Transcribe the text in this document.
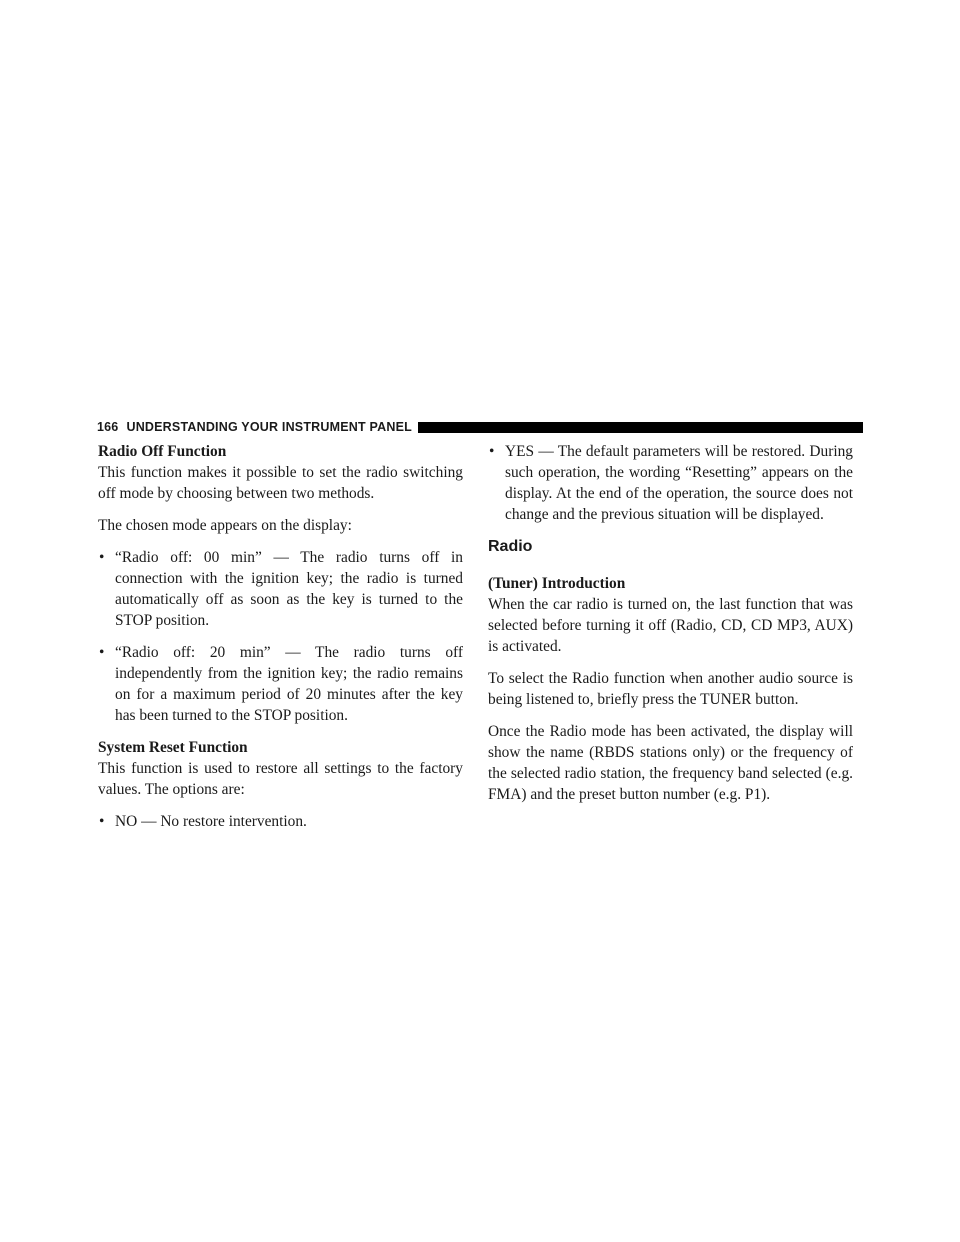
166 UNDERSTANDING YOUR INSTRUMENT PANEL
Radio Off Function

This function makes it possible to set the radio switching off mode by choosing between two methods.

The chosen mode appears on the display:

• “Radio off: 00 min” — The radio turns off in connection with the ignition key; the radio is turned automatically off as soon as the key is turned to the STOP position.
• “Radio off: 20 min” — The radio turns off independently from the ignition key; the radio remains on for a maximum period of 20 minutes after the key has been turned to the STOP position.
System Reset Function

This function is used to restore all settings to the factory values. The options are:

• NO — No restore intervention.
• YES — The default parameters will be restored. During such operation, the wording “Resetting” appears on the display. At the end of the operation, the source does not change and the previous situation will be displayed.
Radio
(Tuner) Introduction

When the car radio is turned on, the last function that was selected before turning it off (Radio, CD, CD MP3, AUX) is activated.

To select the Radio function when another audio source is being listened to, briefly press the TUNER button.

Once the Radio mode has been activated, the display will show the name (RBDS stations only) or the frequency of the selected radio station, the frequency band selected (e.g. FMA) and the preset button number (e.g. P1).
